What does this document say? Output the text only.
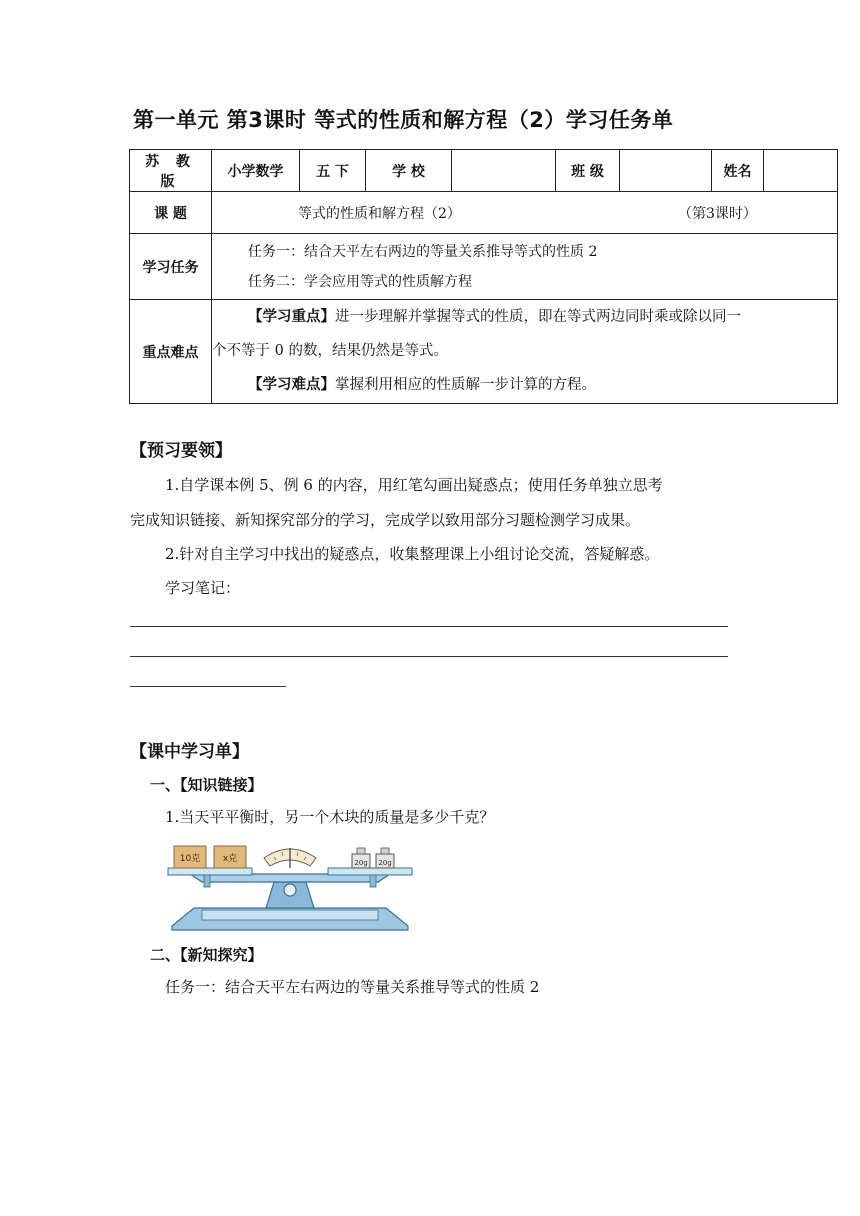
第一单元 第3课时 等式的性质和解方程（2）学习任务单
苏 教 版	小学数学	五 下	学 校		班 级		姓名	
课 题	等式的性质和解方程（2） （第3课时）							

学习任务	任务一：结合天平左右两边的等量关系推导等式的性质 2
任务二：学会应用等式的性质解方程							

重点难点	【学习重点】进一步理解并掌握等式的性质，即在等式两边同时乘或除以同一
个不等于 0 的数，结果仍然是等式。
【学习难点】掌握利用相应的性质解一步计算的方程。							
【预习要领】
1.自学课本例 5、例 6 的内容，用红笔勾画出疑惑点；使用任务单独立思考
完成知识链接、新知探究部分的学习，完成学以致用部分习题检测学习成果。
2.针对自主学习中找出的疑惑点，收集整理课上小组讨论交流，答疑解惑。
学习笔记：
【课中学习单】
一、【知识链接】
1.当天平平衡时，另一个木块的质量是多少千克？
10克	x克	20g 20g
二、【新知探究】
任务一：结合天平左右两边的等量关系推导等式的性质 2
